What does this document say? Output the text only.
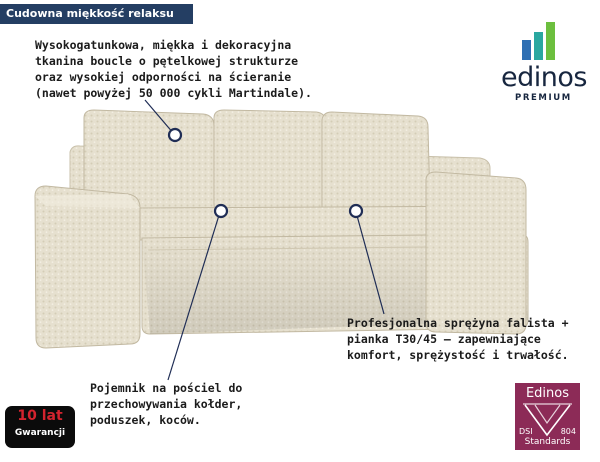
Cudowna miękkość relaksu
Wysokogatunkowa, miękka i dekoracyjna
tkanina boucle o pętelkowej strukturze
oraz wysokiej odporności na ścieranie
(nawet powyżej 50 000 cykli Martindale).
Profesjonalna sprężyna falista +
pianka T30/45 – zapewniające
komfort, sprężystość i trwałość.
Pojemnik na pościel do
przechowywania kołder,
poduszek, koców.
edinos
PREMIUM
Edinos
DSI	804
Standards
10 lat
Gwarancji
